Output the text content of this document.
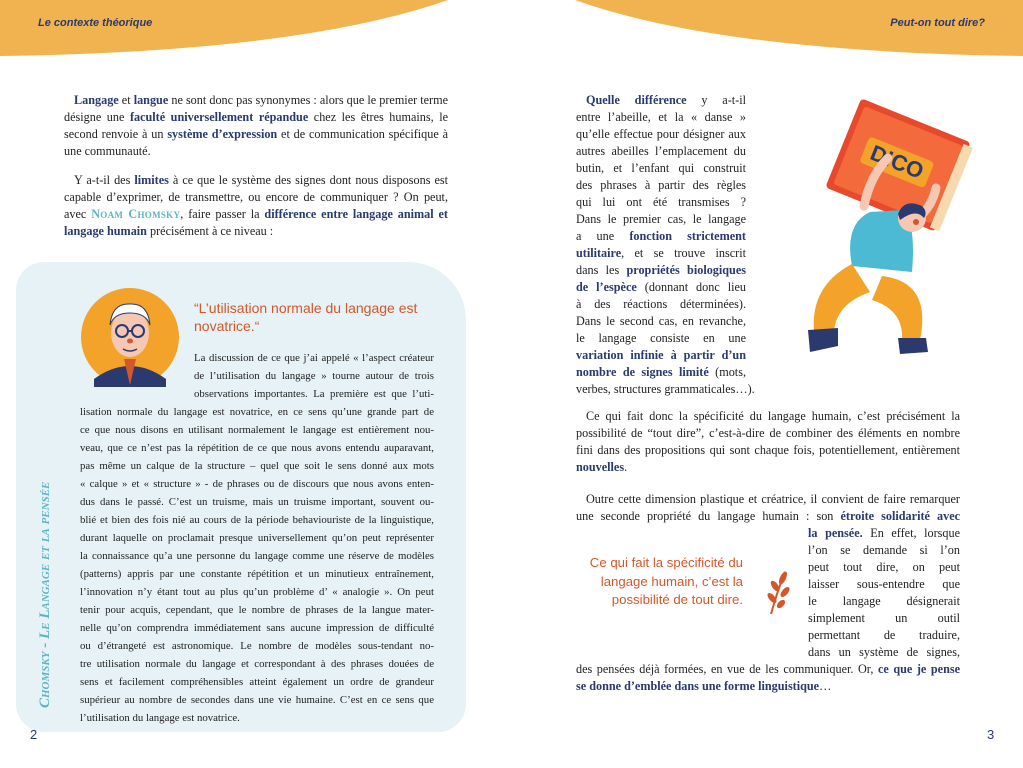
Le contexte théorique	Peut-on tout dire?

Langage et langue ne sont donc pas synonymes : alors que le premier terme désigne une faculté universellement répandue chez les êtres humains, le second renvoie à un système d’expression et de communication spécifique à une communauté.

Y a-t-il des limites à ce que le système des signes dont nous disposons est capable d’exprimer, de transmettre, ou encore de communiquer ? On peut, avec Noam Chomsky, faire passer la différence entre langage animal et langage humain précisément à ce niveau :

Chomsky - Le Langage et la pensée
“L’utilisation normale du langage est novatrice.“
La discussion de ce que j’ai appelé « l’aspect créateur
de l’utilisation du langage » tourne autour de trois
observations importantes. La première est que l’uti-
lisation normale du langage est novatrice, en ce sens qu’une grande part de
ce que nous disons en utilisant normalement le langage est entièrement nou-
veau, que ce n’est pas la répétition de ce que nous avons entendu auparavant,
pas même un calque de la structure – quel que soit le sens donné aux mots
« calque » et « structure » - de phrases ou de discours que nous avons enten-
dus dans le passé. C’est un truisme, mais un truisme important, souvent ou-
blié et bien des fois nié au cours de la période behaviouriste de la linguistique,
durant laquelle on proclamait presque universellement qu’on peut représenter
la connaissance qu’a une personne du langage comme une réserve de modèles
(patterns) appris par une constante répétition et un minutieux entraînement,
l’innovation n’y étant tout au plus qu’un problème d’ « analogie ». On peut
tenir pour acquis, cependant, que le nombre de phrases de la langue mater-
nelle qu’on comprendra immédiatement sans aucune impression de difficulté
ou d’étrangeté est astronomique. Le nombre de modèles sous-tendant no-
tre utilisation normale du langage et correspondant à des phrases douées de
sens et facilement compréhensibles atteint également un ordre de grandeur
supérieur au nombre de secondes dans une vie humaine. C’est en ce sens que
l’utilisation du langage est novatrice.
2
Quelle différence y a-t-il
entre l’abeille, et la « danse »
qu’elle effectue pour désigner aux
autres abeilles l’emplacement du
butin, et l’enfant qui construit
des phrases à partir des règles
qui lui ont été transmises ?
Dans le premier cas, le langage
a une fonction strictement
utilitaire, et se trouve inscrit
dans les propriétés biologiques
de l’espèce (donnant donc lieu
à des réactions déterminées).
Dans le second cas, en revanche,
le langage consiste en une
variation infinie à partir d’un
nombre de signes limité (mots,
verbes, structures grammaticales…).
DICO

Ce qui fait donc la spécificité du langage humain, c’est précisément la possibilité de “tout dire”, c’est-à-dire de combiner des éléments en nombre fini dans des propositions qui sont chaque fois, potentiellement, entièrement nouvelles.

Outre cette dimension plastique et créatrice, il convient de faire remarquer
une seconde propriété du langage humain : son étroite solidarité avec
la pensée. En effet, lorsque
l’on se demande si l’on
peut tout dire, on peut
laisser sous-entendre que
le langage désignerait
simplement un outil
permettant de traduire,
dans un système de signes,
des pensées déjà formées, en vue de les communiquer. Or, ce que je pense
se donne d’emblée dans une forme linguistique…
Ce qui fait la spécificité du langage humain, c’est la possibilité de tout dire.
3
